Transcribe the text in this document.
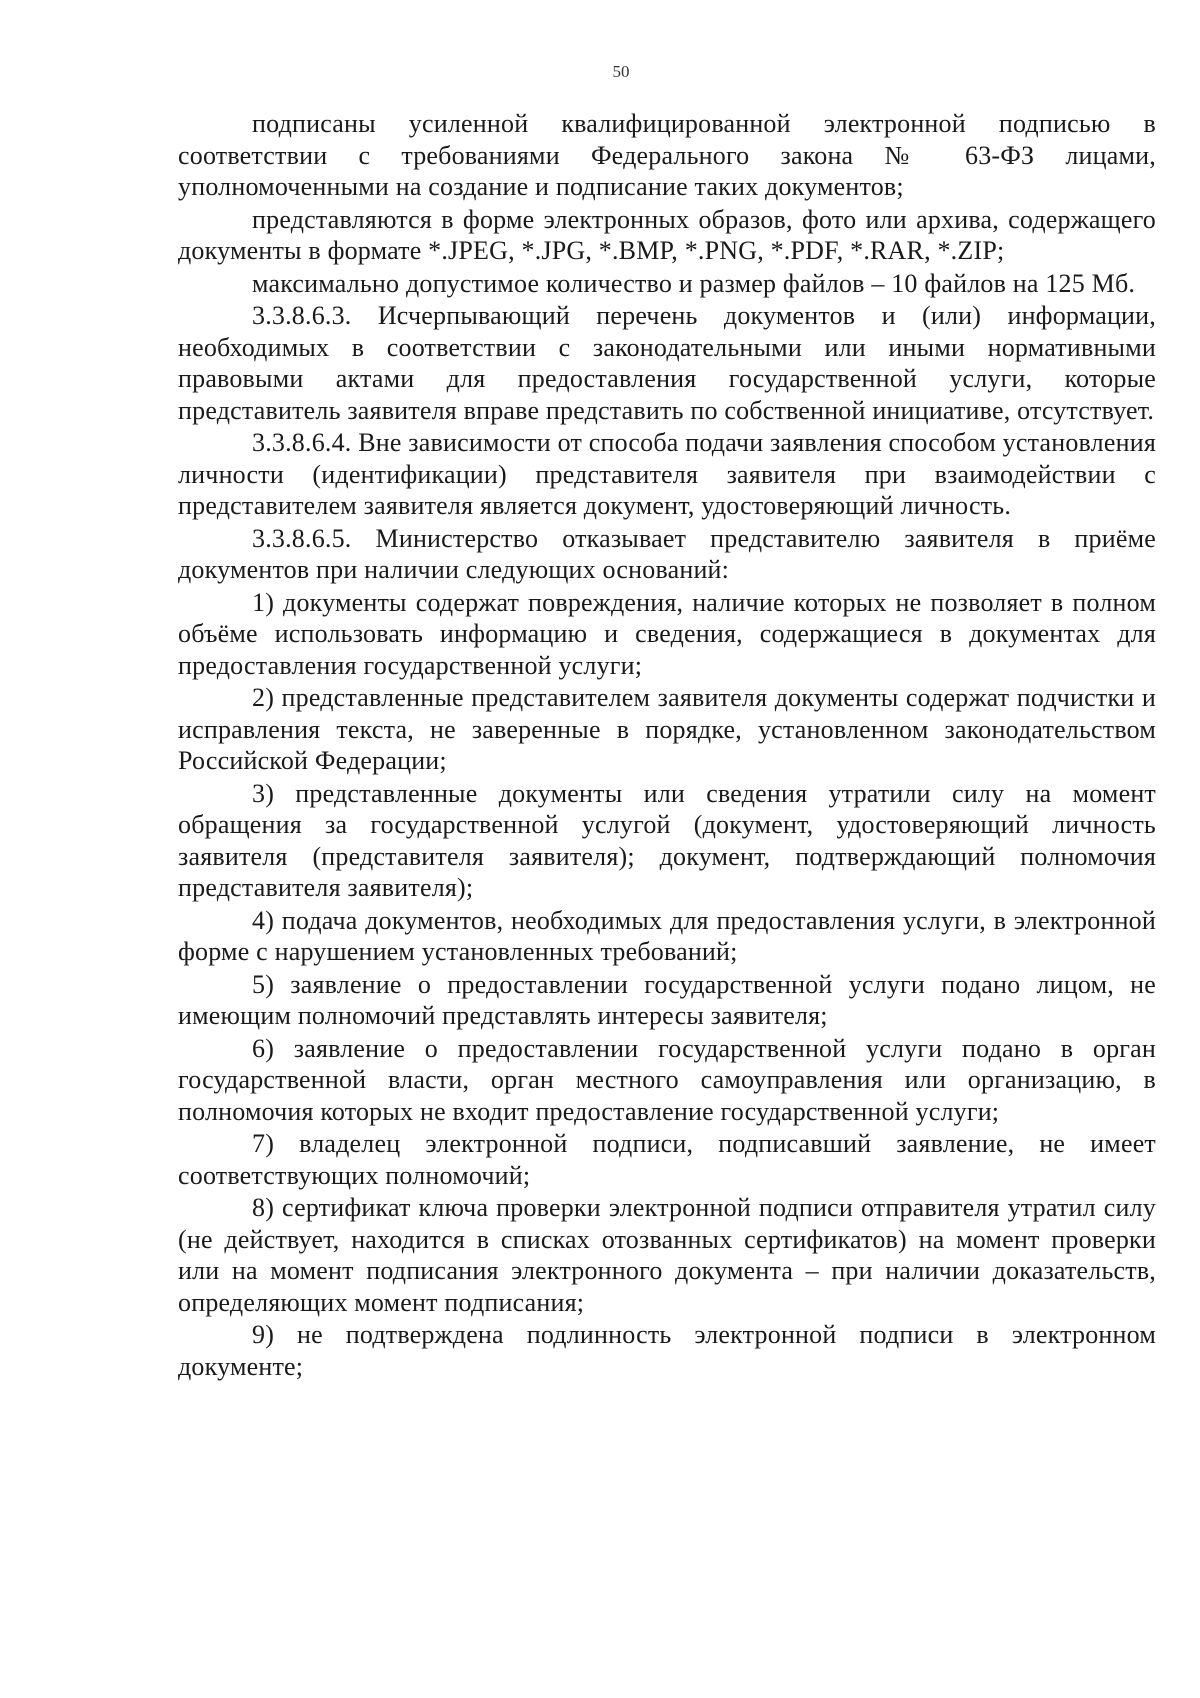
50

подписаны усиленной квалифицированной электронной подписью в соответствии с требованиями Федерального закона № 63-ФЗ лицами, уполномоченными на создание и подписание таких документов;

представляются в форме электронных образов, фото или архива, содержащего документы в формате *.JPEG, *.JPG, *.BMP, *.PNG, *.PDF, *.RAR, *.ZIP;

максимально допустимое количество и размер файлов – 10 файлов на 125 Мб.

3.3.8.6.3. Исчерпывающий перечень документов и (или) информации, необходимых в соответствии с законодательными или иными нормативными правовыми актами для предоставления государственной услуги, которые представитель заявителя вправе представить по собственной инициативе, отсутствует.

3.3.8.6.4. Вне зависимости от способа подачи заявления способом установления личности (идентификации) представителя заявителя при взаимодействии с представителем заявителя является документ, удостоверяющий личность.

3.3.8.6.5. Министерство отказывает представителю заявителя в приёме документов при наличии следующих оснований:

1) документы содержат повреждения, наличие которых не позволяет в полном объёме использовать информацию и сведения, содержащиеся в документах для предоставления государственной услуги;

2) представленные представителем заявителя документы содержат подчистки и исправления текста, не заверенные в порядке, установленном законодательством Российской Федерации;

3) представленные документы или сведения утратили силу на момент обращения за государственной услугой (документ, удостоверяющий личность заявителя (представителя заявителя); документ, подтверждающий полномочия представителя заявителя);

4) подача документов, необходимых для предоставления услуги, в электронной форме с нарушением установленных требований;

5) заявление о предоставлении государственной услуги подано лицом, не имеющим полномочий представлять интересы заявителя;

6) заявление о предоставлении государственной услуги подано в орган государственной власти, орган местного самоуправления или организацию, в полномочия которых не входит предоставление государственной услуги;

7) владелец электронной подписи, подписавший заявление, не имеет соответствующих полномочий;

8) сертификат ключа проверки электронной подписи отправителя утратил силу (не действует, находится в списках отозванных сертификатов) на момент проверки или на момент подписания электронного документа – при наличии доказательств, определяющих момент подписания;

9) не подтверждена подлинность электронной подписи в электронном документе;
